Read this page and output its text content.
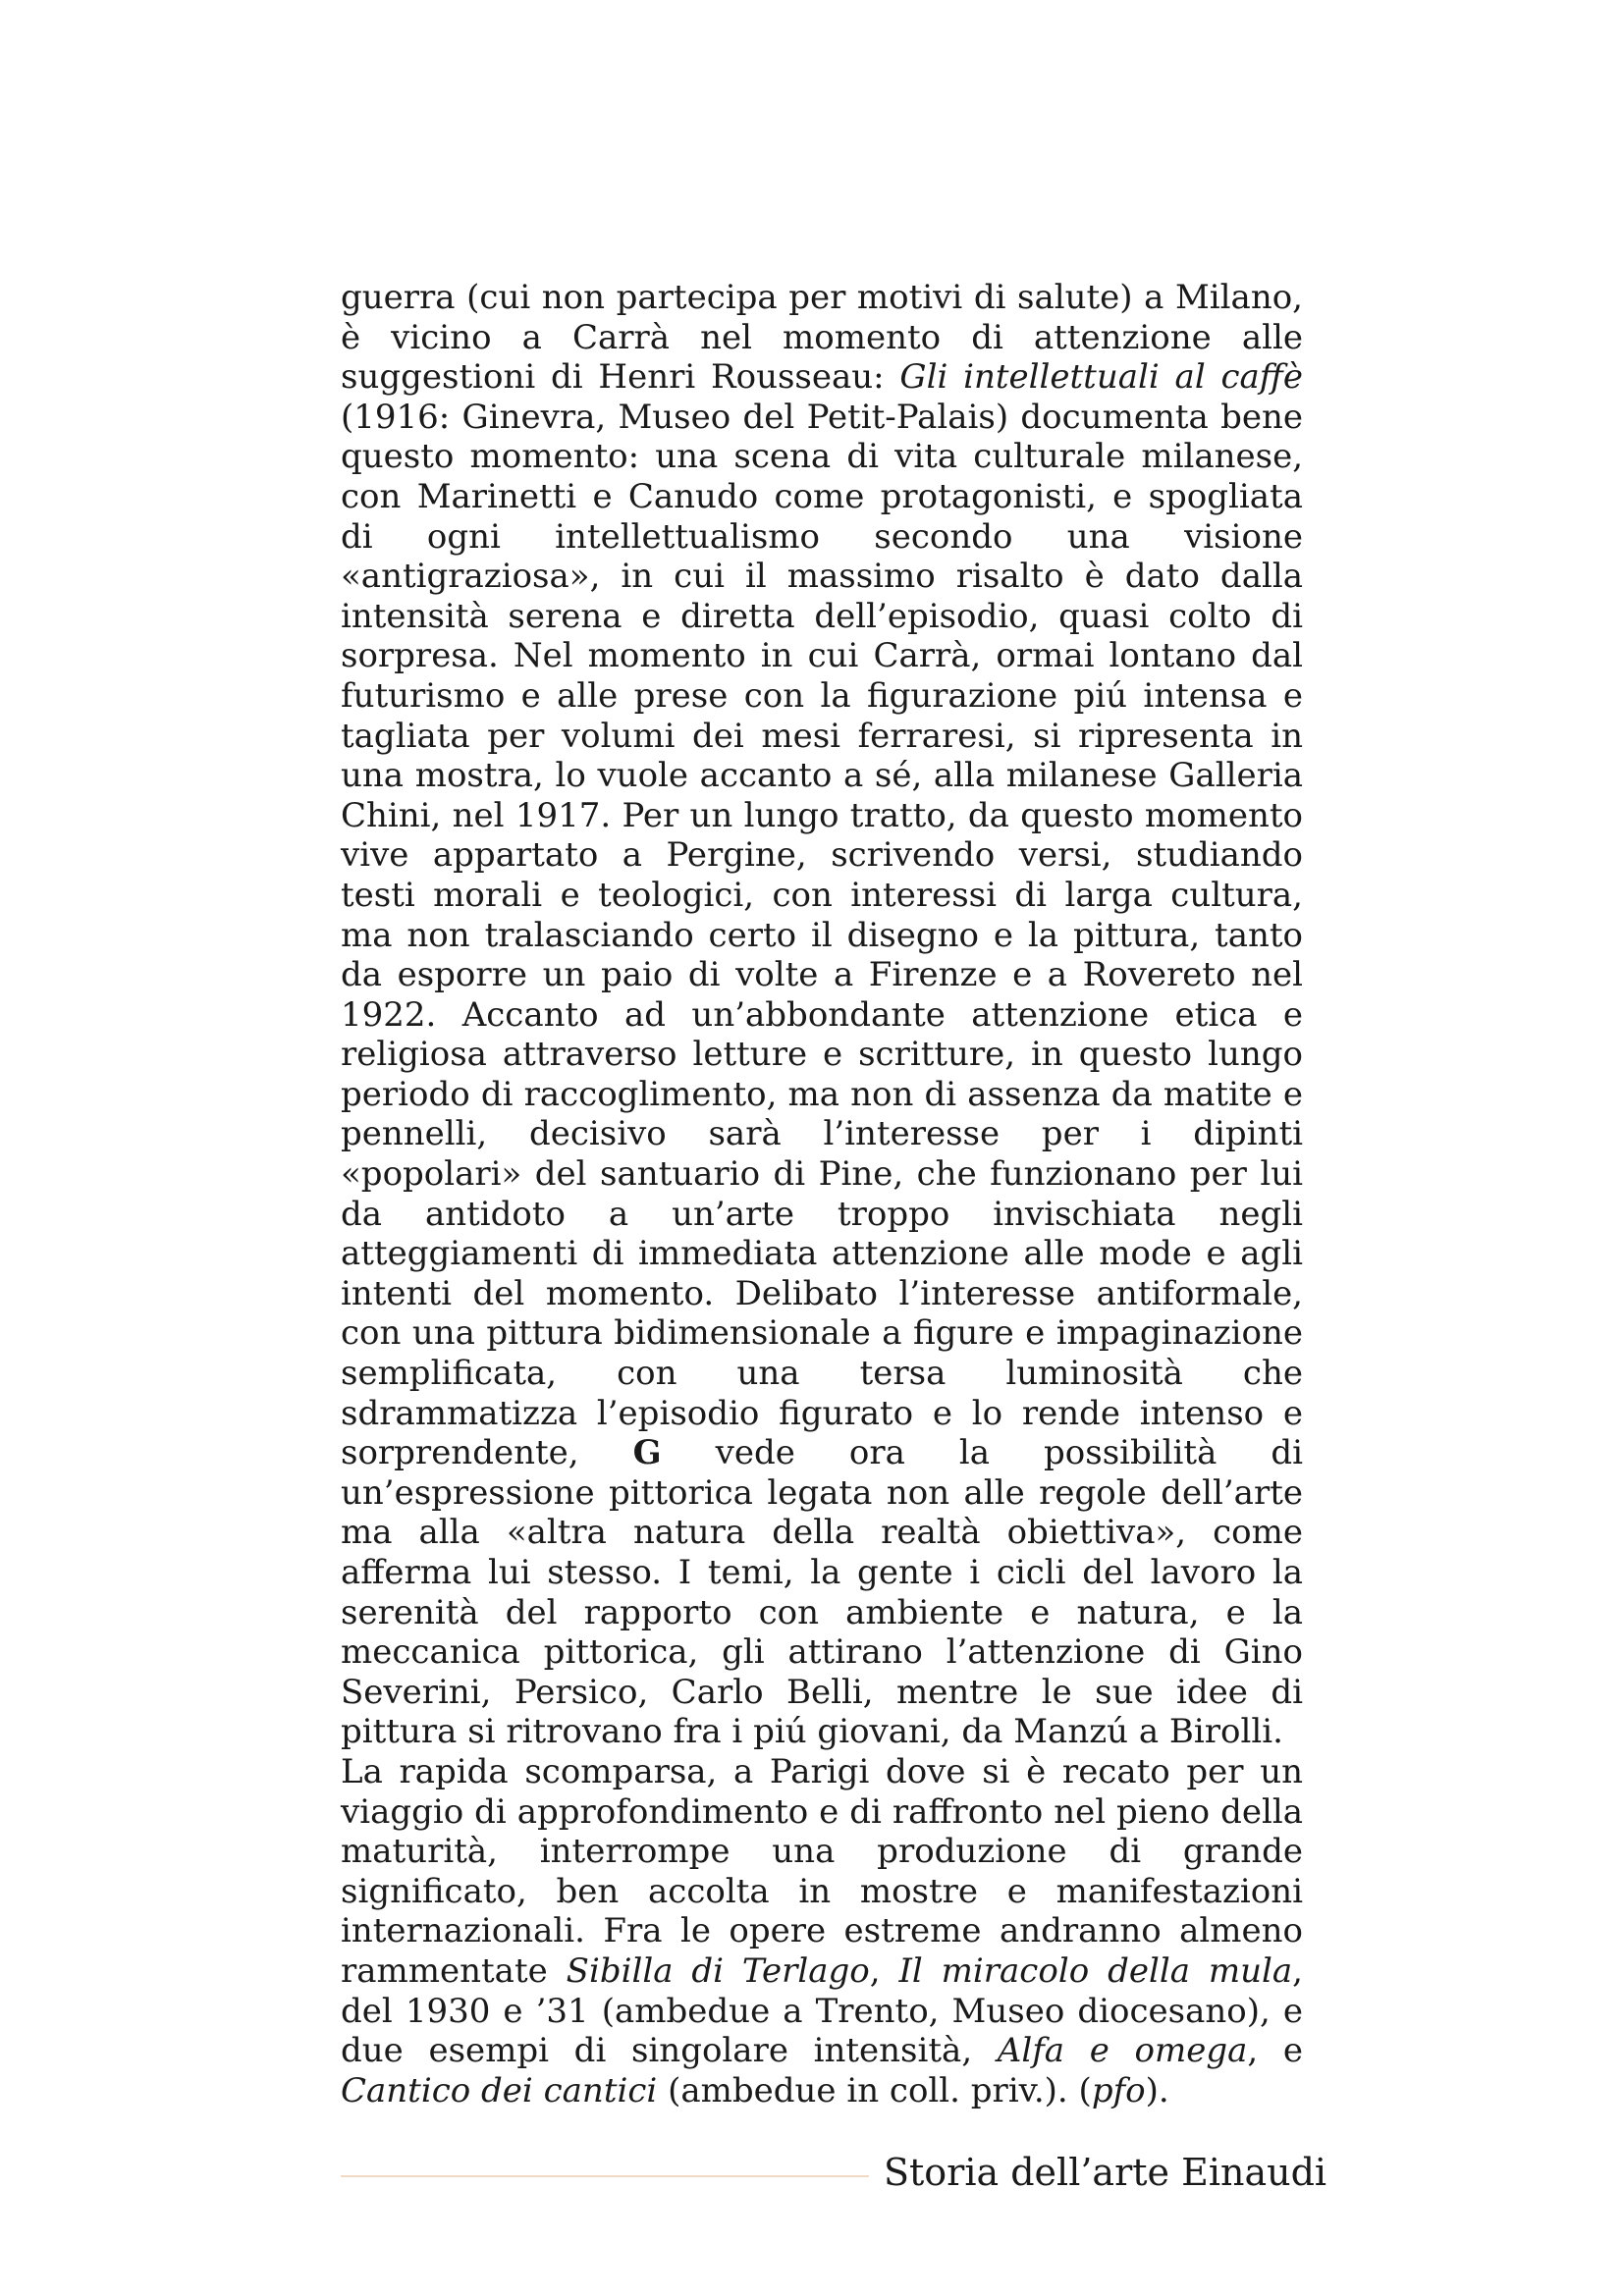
guerra (cui non partecipa per motivi di salute) a Milano, è vicino a Carrà nel momento di attenzione alle suggestioni di Henri Rousseau: Gli intellettuali al caffè (1916: Ginevra, Museo del Petit-Palais) documenta bene questo momento: una scena di vita culturale milanese, con Marinetti e Canudo come protagonisti, e spogliata di ogni intellettualismo secondo una visione «antigraziosa», in cui il massimo risalto è dato dalla intensità serena e diretta dell’episodio, quasi colto di sorpresa. Nel momento in cui Carrà, ormai lontano dal futurismo e alle prese con la figurazione piú intensa e tagliata per volumi dei mesi ferraresi, si ripresenta in una mostra, lo vuole accanto a sé, alla milanese Galleria Chini, nel 1917. Per un lungo tratto, da questo momento vive appartato a Pergine, scrivendo versi, studiando testi morali e teologici, con interessi di larga cultura, ma non tralasciando certo il disegno e la pittura, tanto da esporre un paio di volte a Firenze e a Rovereto nel 1922. Accanto ad un’abbondante attenzione etica e religiosa attraverso letture e scritture, in questo lungo periodo di raccoglimento, ma non di assenza da matite e pennelli, decisivo sarà l’interesse per i dipinti «popolari» del santuario di Pine, che funzionano per lui da antidoto a un’arte troppo invischiata negli atteggiamenti di immediata attenzione alle mode e agli intenti del momento. Delibato l’interesse antiformale, con una pittura bidimensionale a figure e impaginazione semplificata, con una tersa luminosità che sdrammatizza l’episodio figurato e lo rende intenso e sorprendente, G vede ora la possibilità di un’espressione pittorica legata non alle regole dell’arte ma alla «altra natura della realtà obiettiva», come afferma lui stesso. I temi, la gente i cicli del lavoro la serenità del rapporto con ambiente e natura, e la meccanica pittorica, gli attirano l’attenzione di Gino Severini, Persico, Carlo Belli, mentre le sue idee di pittura si ritrovano fra i piú giovani, da Manzú a Birolli.

La rapida scomparsa, a Parigi dove si è recato per un viaggio di approfondimento e di raffronto nel pieno della maturità, interrompe una produzione di grande significato, ben accolta in mostre e manifestazioni internazionali. Fra le opere estreme andranno almeno rammentate Sibilla di Terlago, Il miracolo della mula, del 1930 e ’31 (ambedue a Trento, Museo diocesano), e due esempi di singolare intensità, Alfa e omega, e Cantico dei cantici (ambedue in coll. priv.). (pfo).

Storia dell’arte Einaudi
